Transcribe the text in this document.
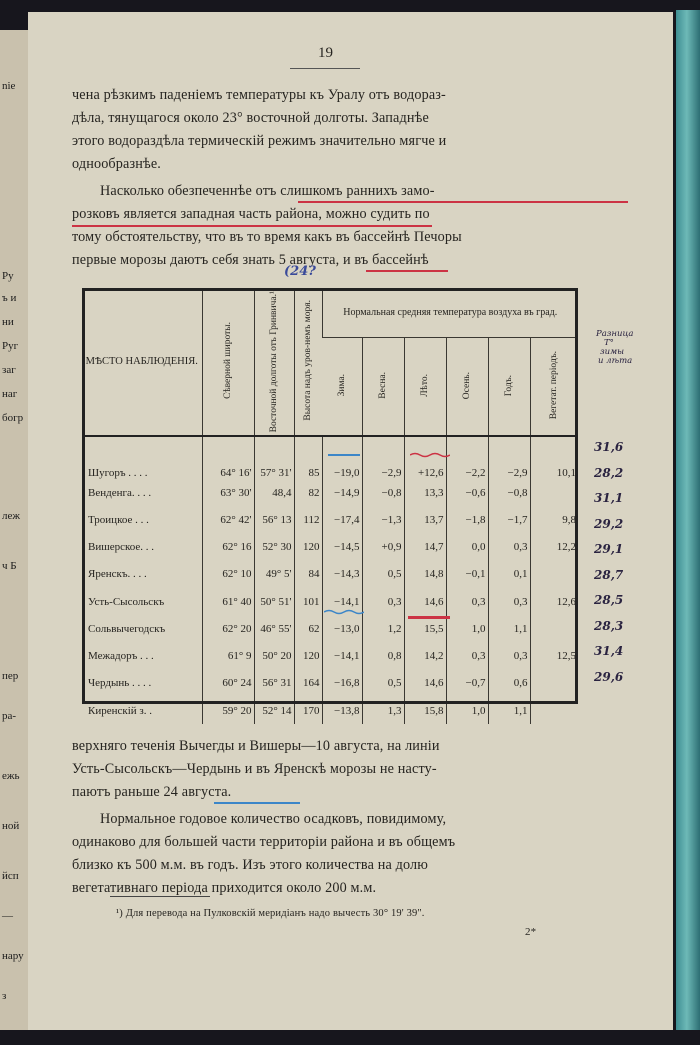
nie
Ру
ъ и
ни
Руг
заг
наг
богр
леж
ч Б
пер
ра-
ежь
ной
йсп
—
нару
з
19
чена рѣзкимъ паденіемъ температуры къ Уралу отъ водораз-
дѣла, тянущагося около 23° восточной долготы. Западнѣе
этого водораздѣла термическій режимъ значительно мягче и
однообразнѣе.
Насколько обезпеченнѣе отъ слишкомъ раннихъ замо-
розковъ является западная часть района, можно судить по
тому обстоятельству, что въ то время какъ въ бассейнѣ Печоры
первые морозы даютъ себя знать 5 августа, и въ бассейнѣ
(24?
МѢСТО НАБЛЮДЕНІЯ.	Сѣверной широты.	Восточной долготы отъ Гринвича.¹)	Высота надъ уров-немъ моря.	Нормальная средняя температура воздуха въ град.					
				Зима.	Весна.	Лѣто.	Осень.	Годъ.	Вегетат. періодъ.
Шугоръ . . . .	64° 16'	57° 31'	85	−19,0	−2,9	+12,6	−2,2	−2,9	10,1
Венденга. . . .	63° 30'	48,4	82	−14,9	−0,8	13,3	−0,6	−0,8	
Троицкое . . .	62° 42'	56° 13	112	−17,4	−1,3	13,7	−1,8	−1,7	9,8
Вишерское. . .	62° 16	52° 30	120	−14,5	+0,9	14,7	0,0	0,3	12,2
Яренскъ. . . .	62° 10	49° 5'	84	−14,3	0,5	14,8	−0,1	0,1	
Усть-Сысольскъ	61° 40	50° 51'	101	−14,1	0,3	14,6	0,3	0,3	12,6
Сольвычегодскъ	62° 20	46° 55'	62	−13,0	1,2	15,5	1,0	1,1	
Межадоръ . . .	61° 9	50° 20	120	−14,1	0,8	14,2	0,3	0,3	12,5
Чердынь . . . .	60° 24	56° 31	164	−16,8	0,5	14,6	−0,7	0,6	
Киренскій з. .	59° 20	52° 14	170	−13,8	1,3	15,8	1,0	1,1	
Разница
T°
зимы
и лѣта
31,6
28,2
31,1
29,2
29,1
28,7
28,5
28,3
31,4
29,6
верхняго теченія Вычегды и Вишеры—10 августа, на линіи
Усть-Сысольскъ—Чердынь и въ Яренскѣ морозы не насту-
паютъ раньше 24 августа.
Нормальное годовое количество осадковъ, повидимому,
одинаково для большей части территоріи района и въ общемъ
близко къ 500 м.м. въ годъ. Изъ этого количества на долю
вегетативнаго періода приходится около 200 м.м.
¹) Для перевода на Пулковскій меридіанъ надо вычесть 30° 19' 39".
2*
